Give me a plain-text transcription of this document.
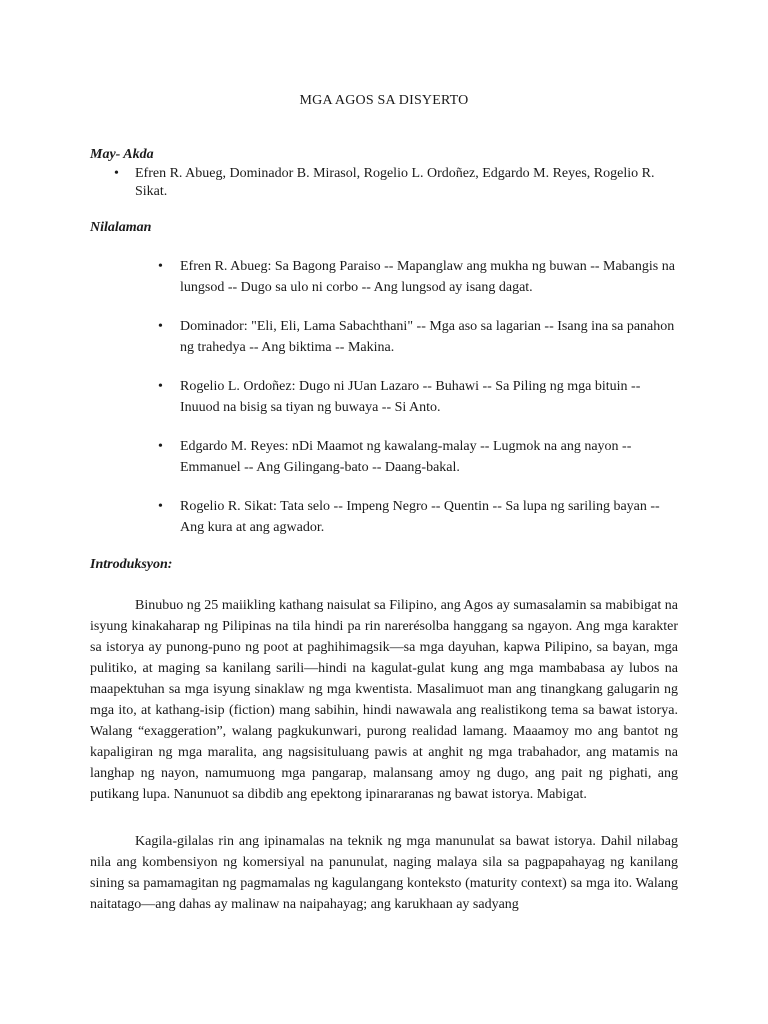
MGA AGOS SA DISYERTO
May- Akda
• Efren R. Abueg, Dominador B. Mirasol, Rogelio L. Ordoñez, Edgardo M. Reyes, Rogelio R. Sikat.
Nilalaman
• Efren R. Abueg: Sa Bagong Paraiso -- Mapanglaw ang mukha ng buwan -- Mabangis na lungsod -- Dugo sa ulo ni corbo -- Ang lungsod ay isang dagat.
• Dominador: "Eli, Eli, Lama Sabachthani" -- Mga aso sa lagarian -- Isang ina sa panahon ng trahedya -- Ang biktima -- Makina.
• Rogelio L. Ordoñez: Dugo ni JUan Lazaro -- Buhawi -- Sa Piling ng mga bituin -- Inuuod na bisig sa tiyan ng buwaya -- Si Anto.
• Edgardo M. Reyes: nDi Maamot ng kawalang-malay -- Lugmok na ang nayon -- Emmanuel -- Ang Gilingang-bato -- Daang-bakal.
• Rogelio R. Sikat: Tata selo -- Impeng Negro -- Quentin -- Sa lupa ng sariling bayan -- Ang kura at ang agwador.
Introduksyon:

Binubuo ng 25 maiikling kathang naisulat sa Filipino, ang Agos ay sumasalamin sa mabibigat na isyung kinakaharap ng Pilipinas na tila hindi pa rin narerésolba hanggang sa ngayon. Ang mga karakter sa istorya ay punong-puno ng poot at paghihimagsik—sa mga dayuhan, kapwa Pilipino, sa bayan, mga pulitiko, at maging sa kanilang sarili—hindi na kagulat-gulat kung ang mga mambabasa ay lubos na maapektuhan sa mga isyung sinaklaw ng mga kwentista. Masalimuot man ang tinangkang galugarin ng mga ito, at kathang-isip (fiction) mang sabihin, hindi nawawala ang realistikong tema sa bawat istorya. Walang “exaggeration”, walang pagkukunwari, purong realidad lamang. Maaamoy mo ang bantot ng kapaligiran ng mga maralita, ang nagsisituluang pawis at anghit ng mga trabahador, ang matamis na langhap ng nayon, namumuong mga pangarap, malansang amoy ng dugo, ang pait ng pighati, ang putikang lupa. Nanunuot sa dibdib ang epektong ipinararanas ng bawat istorya. Mabigat.

Kagila-gilalas rin ang ipinamalas na teknik ng mga manunulat sa bawat istorya. Dahil nilabag nila ang kombensiyon ng komersiyal na panunulat, naging malaya sila sa pagpapahayag ng kanilang sining sa pamamagitan ng pagmamalas ng kagulangang konteksto (maturity context) sa mga ito. Walang naitatago—ang dahas ay malinaw na naipahayag; ang karukhaan ay sadyang
